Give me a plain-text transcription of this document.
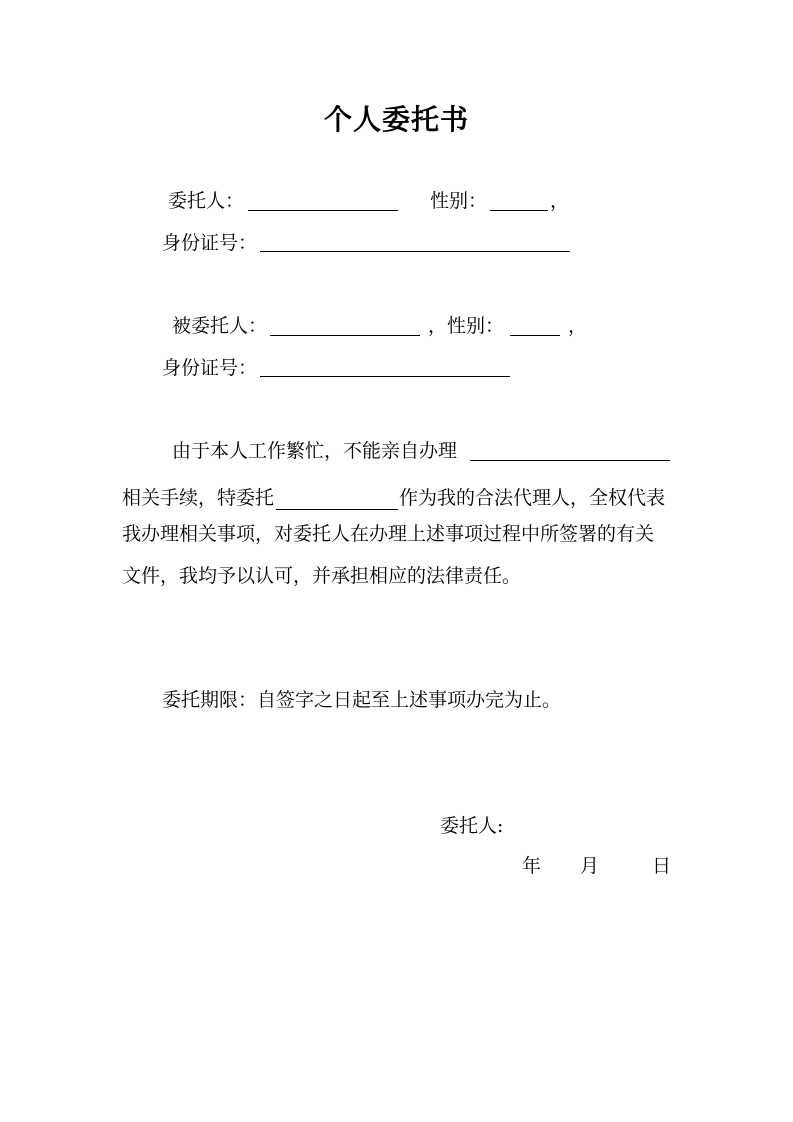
个人委托书
委托人：	性别：	，
身份证号：
被委托人：	，性别：	，
身份证号：
由于本人工作繁忙，不能亲自办理
相关手续，特委托	作为我的合法代理人，全权代表
我办理相关事项，对委托人在办理上述事项过程中所签署的有关
文件，我均予以认可，并承担相应的法律责任。
委托期限：自签字之日起至上述事项办完为止。
委托人:
年 月	日
